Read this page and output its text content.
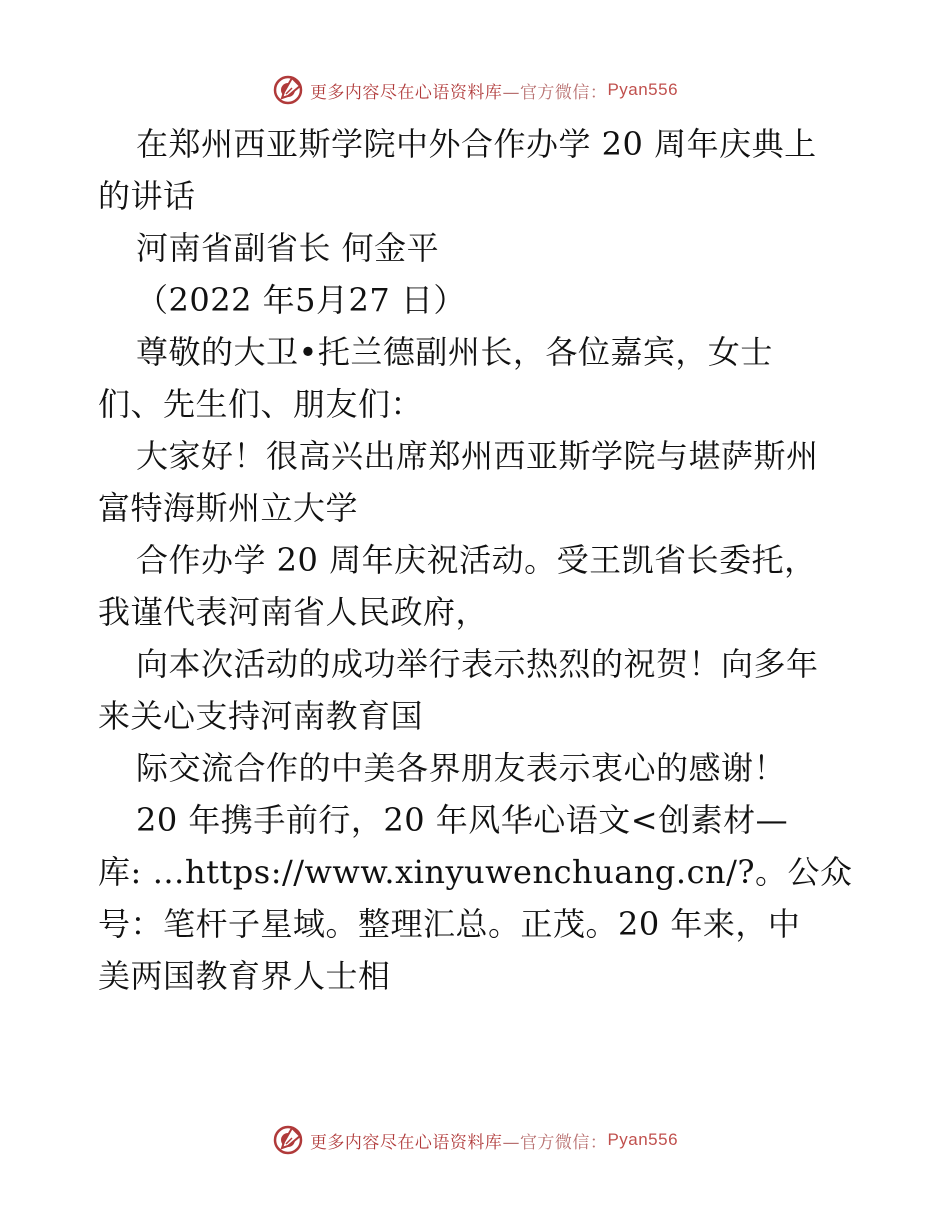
更多内容尽在心语资料库 —官方微信： Pyan556
在郑州西亚斯学院中外合作办学 20 周年庆典上
的讲话
河南省副省长 何金平
（2022 年5月27 日）
尊敬的大卫•托兰德副州长，各位嘉宾，女士
们、先生们、朋友们：
大家好！很高兴出席郑州西亚斯学院与堪萨斯州
富特海斯州立大学
合作办学 20 周年庆祝活动。受王凯省长委托，
我谨代表河南省人民政府，
向本次活动的成功举行表示热烈的祝贺！向多年
来关心支持河南教育国
际交流合作的中美各界朋友表示衷心的感谢！
20 年携手前行，20 年风华心语文<创素材—
库: …https://www.xinyuwenchuang.cn/?。公众
号：笔杆子星域。整理汇总。正茂。20 年来，中
美两国教育界人士相
更多内容尽在心语资料库 —官方微信： Pyan556
